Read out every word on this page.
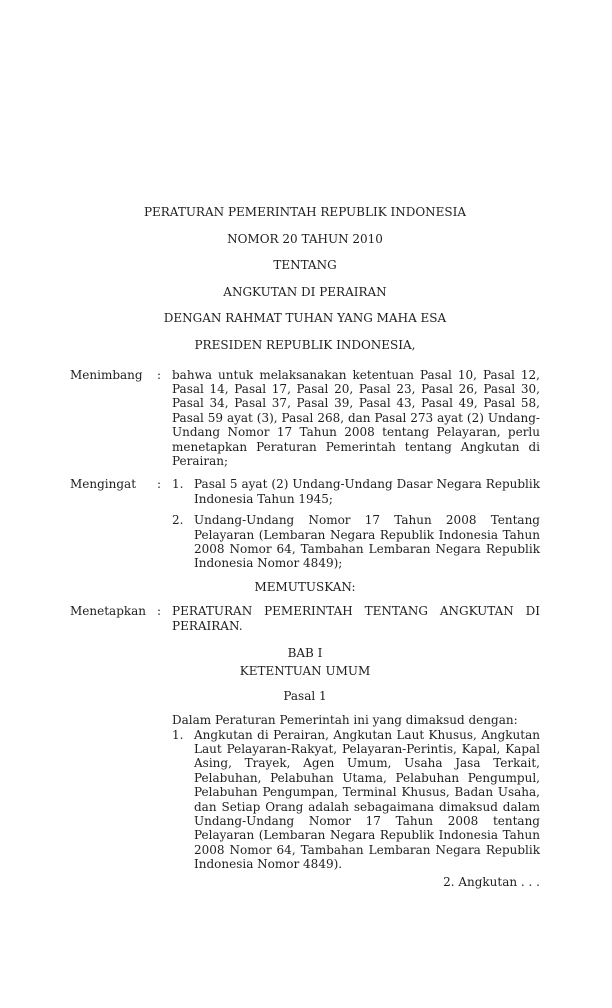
PERATURAN PEMERINTAH REPUBLIK INDONESIA
NOMOR 20 TAHUN 2010
TENTANG
ANGKUTAN DI PERAIRAN
DENGAN RAHMAT TUHAN YANG MAHA ESA
PRESIDEN REPUBLIK INDONESIA,
Menimbang	: bahwa untuk melaksanakan ketentuan Pasal 10, Pasal 12, Pasal 14, Pasal 17, Pasal 20, Pasal 23, Pasal 26, Pasal 30, Pasal 34, Pasal 37, Pasal 39, Pasal 43, Pasal 49, Pasal 58, Pasal 59 ayat (3), Pasal 268, dan Pasal 273 ayat (2) Undang-Undang Nomor 17 Tahun 2008 tentang Pelayaran, perlu menetapkan Peraturan Pemerintah tentang Angkutan di Perairan;
Mengingat	: 1. Pasal 5 ayat (2) Undang-Undang Dasar Negara Republik Indonesia Tahun 1945;
2. Undang-Undang Nomor 17 Tahun 2008 Tentang Pelayaran (Lembaran Negara Republik Indonesia Tahun 2008 Nomor 64, Tambahan Lembaran Negara Republik Indonesia Nomor 4849);
MEMUTUSKAN:
Menetapkan : PERATURAN PEMERINTAH TENTANG ANGKUTAN DI PERAIRAN.
BAB I
KETENTUAN UMUM
Pasal 1
Dalam Peraturan Pemerintah ini yang dimaksud dengan:
1. Angkutan di Perairan, Angkutan Laut Khusus, Angkutan Laut Pelayaran-Rakyat, Pelayaran-Perintis, Kapal, Kapal Asing, Trayek, Agen Umum, Usaha Jasa Terkait, Pelabuhan, Pelabuhan Utama, Pelabuhan Pengumpul, Pelabuhan Pengumpan, Terminal Khusus, Badan Usaha, dan Setiap Orang adalah sebagaimana dimaksud dalam Undang-Undang Nomor 17 Tahun 2008 tentang Pelayaran (Lembaran Negara Republik Indonesia Tahun 2008 Nomor 64, Tambahan Lembaran Negara Republik Indonesia Nomor 4849).
2. Angkutan . . .
